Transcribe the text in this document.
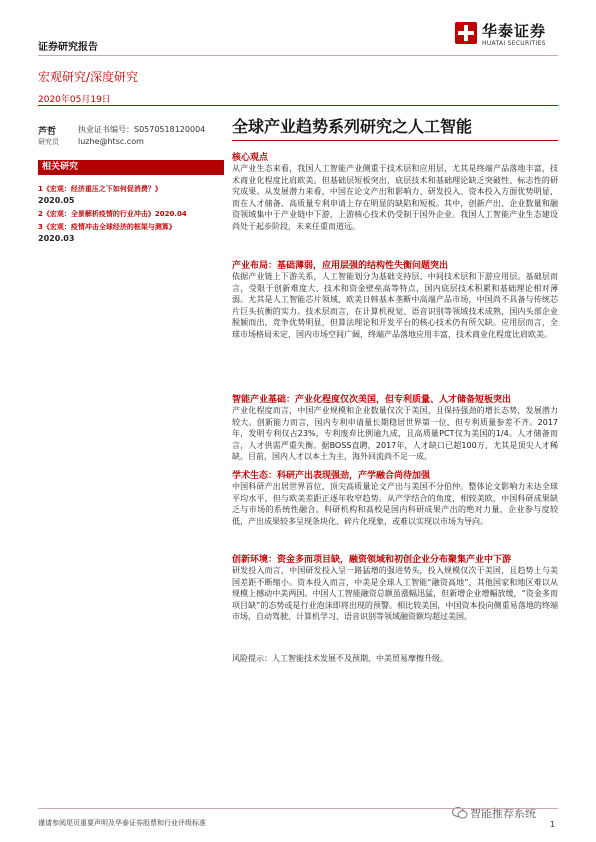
证券研究报告
华泰证券
HUATAI SECURITIES
宏观研究/深度研究
2020年05月19日
芦哲
研究员
执业证书编号：S0570518120004
luzhe@htsc.com
全球产业趋势系列研究之人工智能
相关研究
1《宏观：经济重压之下如何促消费？》
2020.05
2《宏观：全景解析疫情的行业冲击》2020.04
3《宏观：疫情冲击全球经济的框架与测算》
2020.03
核心观点

从产业生态来看，我国人工智能产业侧重于技术层和应用层，尤其是终端产品落地丰富，技术商业化程度比肩欧美。但基础层短板突出，底层技术和基础理论缺乏突破性、标志性的研究成果。从发展潜力来看，中国在论文产出和影响力、研发投入、资本投入方面优势明显，而在人才储备、高质量专利申请上存在明显的缺陷和短板。其中，创新产出、企业数量和融资领域集中于产业链中下游，上游核心技术仍受制于国外企业。我国人工智能产业生态建设尚处于起步阶段，未来任重而道远。

产业布局：基础薄弱，应用层强的结构性失衡问题突出

依据产业链上下游关系，人工智能划分为基础支持层、中间技术层和下游应用层。基础层而言，受限于创新难度大、技术和资金壁垒高等特点，国内底层技术积累和基础理论相对薄弱。尤其是人工智能芯片领域，欧美日韩基本垄断中高端产品市场，中国尚不具备与传统芯片巨头抗衡的实力。技术层而言，在计算机视觉、语音识别等领域技术成熟，国内头部企业脱颖而出，竞争优势明显，但算法理论和开发平台的核心技术仍有所欠缺。应用层而言，全球市场格局未定，国内市场空间广阔，终端产品落地应用丰富，技术商业化程度比肩欧美。

智能产业基础：产业化程度仅次美国，但专利质量、人才储备短板突出

产业化程度而言，中国产业规模和企业数量仅次于美国，且保持强劲的增长态势，发展潜力较大。创新能力而言，国内专利申请量长期稳居世界第一位，但专利质量参差不齐。2017年，发明专利仅占23%，专利废弃比例逾九成，且高质量PCT仅为美国的1/4。人才储备而言，人才供需严重失衡。据BOSS直聘，2017年，人才缺口已超100万，尤其是顶尖人才稀缺。目前，国内人才以本土为主，海外回流尚不足一成。

学术生态：科研产出表现强劲，产学融合尚待加强

中国科研产出居世界首位，顶尖高质量论文产出与美国不分伯仲。整体论文影响力未达全球平均水平，但与欧美差距正逐年收窄趋势。从产学结合的角度，相较美欧，中国科研成果缺乏与市场的系统性融合。科研机构和高校是国内科研成果产出的绝对力量，企业参与度较低，产出成果较多呈现条块化、碎片化现象，或难以实现以市场为导向。

创新环境：资金多而项目缺，融资领域和初创企业分布聚集产业中下游

研发投入而言，中国研发投入呈一路猛增的强进势头，投入规模仅次于美国，且趋势上与美国差距不断缩小。资本投入而言，中美是全球人工智能“融资高地”，其他国家和地区难以从规模上撼动中美两国。中国人工智能融资总额虽涨幅迅猛，但新增企业增幅放缓，“资金多而项目缺”的态势或是行业泡沫即将出现的预警。相比较美国，中国资本投向侧重易落地的终端市场，自动驾驶、计算机学习、语音识别等领域融资额均超过美国。

风险提示：人工智能技术发展不及预期、中美贸易摩擦升级。
智能推荐系统
谨请参阅尾页重要声明及华泰证券股票和行业评级标准	1
